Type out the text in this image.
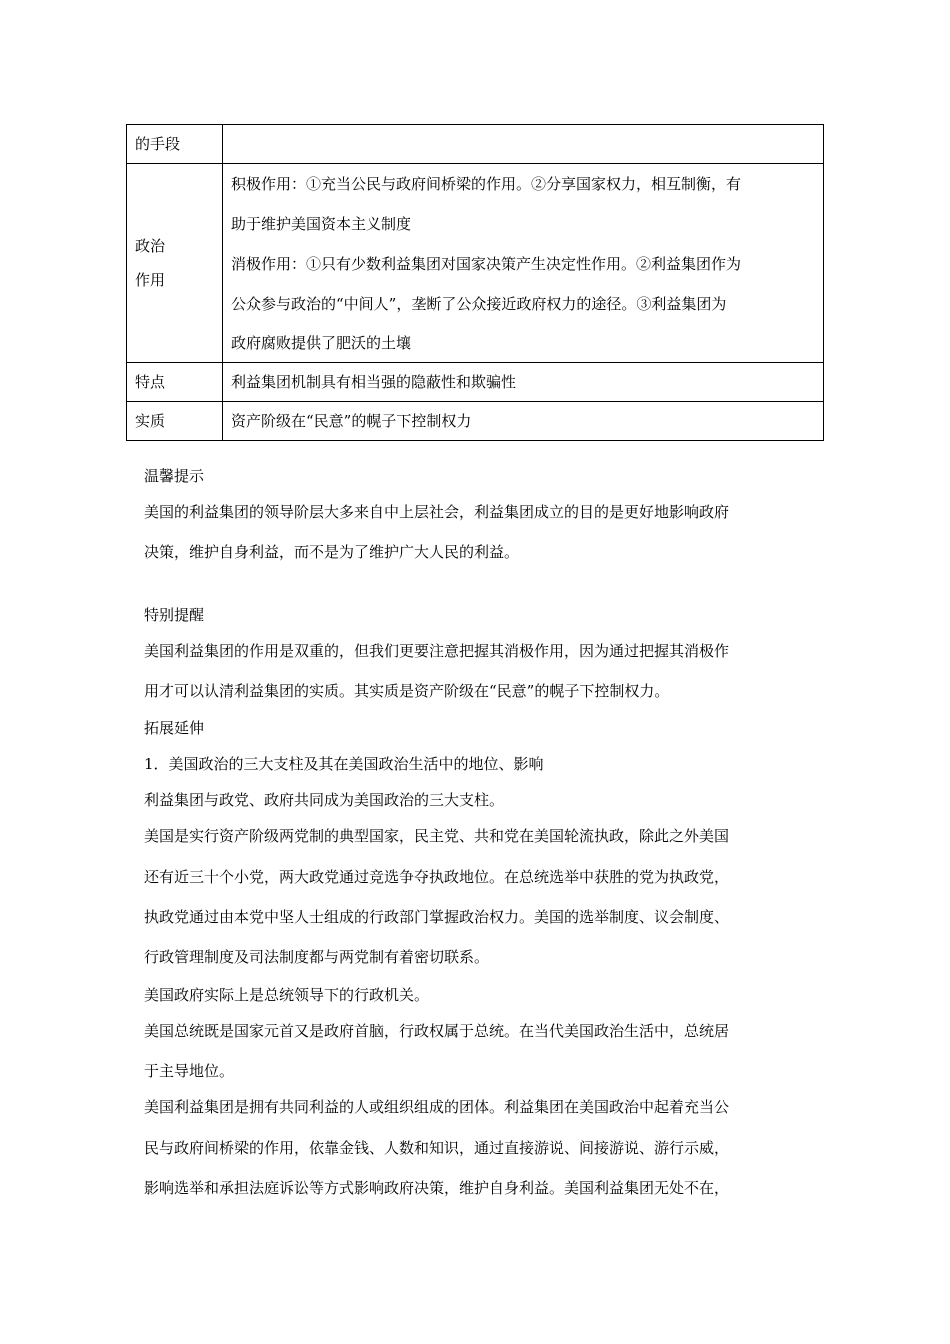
的手段	

政治
作用	积极作用：①充当公民与政府间桥梁的作用。②分享国家权力，相互制衡，有
助于维护美国资本主义制度
消极作用：①只有少数利益集团对国家决策产生决定性作用。②利益集团作为
公众参与政治的“中间人”，垄断了公众接近政府权力的途径。③利益集团为
政府腐败提供了肥沃的土壤

特点	利益集团机制具有相当强的隐蔽性和欺骗性
实质	资产阶级在“民意”的幌子下控制权力
温馨提示
美国的利益集团的领导阶层大多来自中上层社会，利益集团成立的目的是更好地影响政府
决策，维护自身利益，而不是为了维护广大人民的利益。
特别提醒
美国利益集团的作用是双重的，但我们更要注意把握其消极作用，因为通过把握其消极作
用才可以认清利益集团的实质。其实质是资产阶级在“民意”的幌子下控制权力。
拓展延伸
1．美国政治的三大支柱及其在美国政治生活中的地位、影响
利益集团与政党、政府共同成为美国政治的三大支柱。
美国是实行资产阶级两党制的典型国家，民主党、共和党在美国轮流执政，除此之外美国
还有近三十个小党，两大政党通过竞选争夺执政地位。在总统选举中获胜的党为执政党，
执政党通过由本党中坚人士组成的行政部门掌握政治权力。美国的选举制度、议会制度、
行政管理制度及司法制度都与两党制有着密切联系。
美国政府实际上是总统领导下的行政机关。
美国总统既是国家元首又是政府首脑，行政权属于总统。在当代美国政治生活中，总统居
于主导地位。
美国利益集团是拥有共同利益的人或组织组成的团体。利益集团在美国政治中起着充当公
民与政府间桥梁的作用，依靠金钱、人数和知识，通过直接游说、间接游说、游行示威，
影响选举和承担法庭诉讼等方式影响政府决策，维护自身利益。美国利益集团无处不在，
